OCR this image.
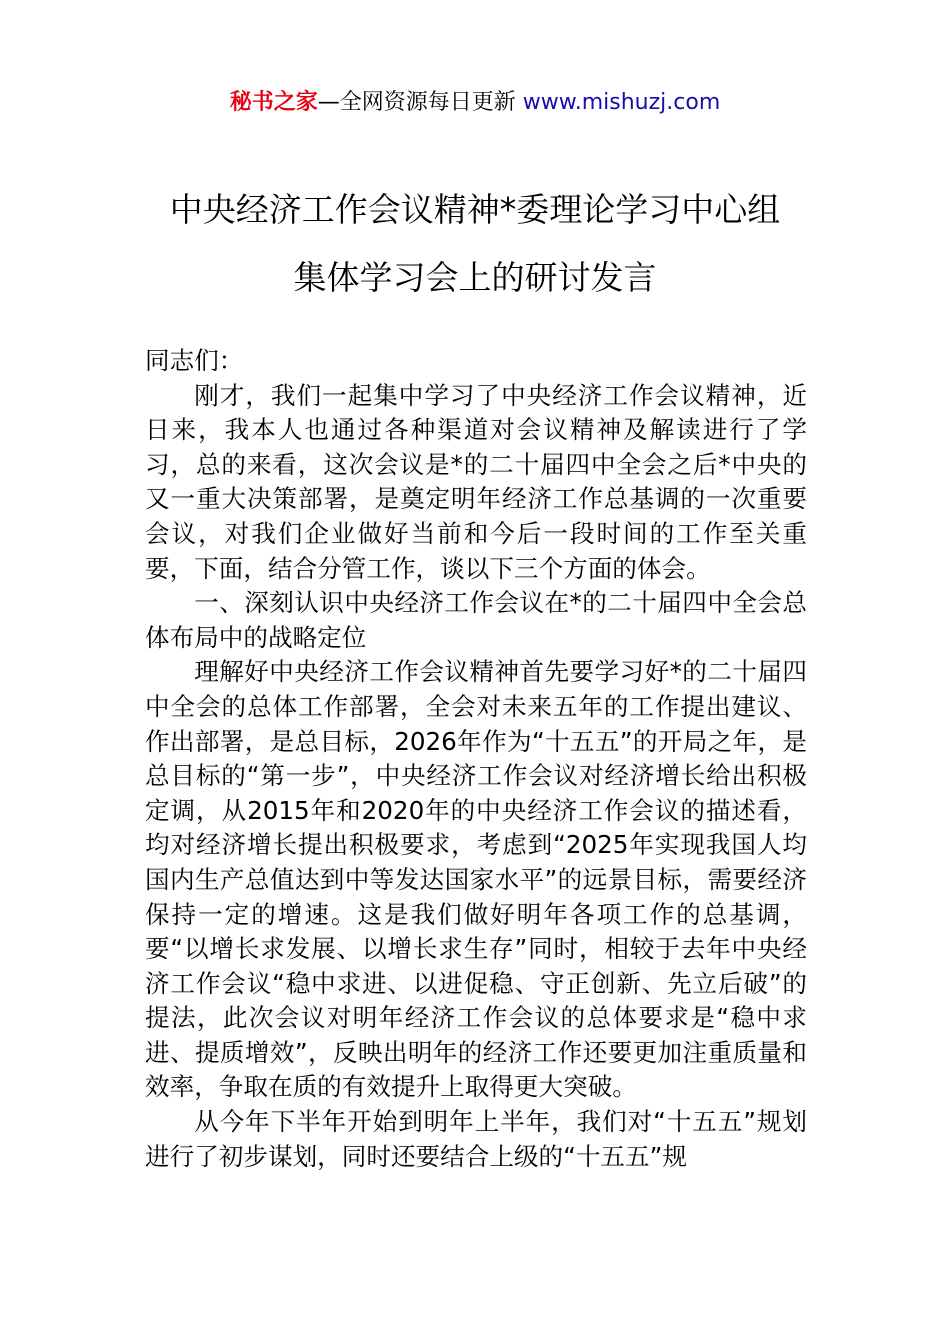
秘书之家—全网资源每日更新 www.mishuzj.com
中央经济工作会议精神*委理论学习中心组
集体学习会上的研讨发言

同志们：

刚才，我们一起集中学习了中央经济工作会议精神，近日来，我本人也通过各种渠道对会议精神及解读进行了学习，总的来看，这次会议是*的二十届四中全会之后*中央的又一重大决策部署，是奠定明年经济工作总基调的一次重要会议，对我们企业做好当前和今后一段时间的工作至关重要，下面，结合分管工作，谈以下三个方面的体会。

一、深刻认识中央经济工作会议在*的二十届四中全会总体布局中的战略定位

理解好中央经济工作会议精神首先要学习好*的二十届四中全会的总体工作部署，全会对未来五年的工作提出建议、作出部署，是总目标，2026年作为“十五五”的开局之年，是总目标的“第一步”，中央经济工作会议对经济增长给出积极定调，从2015年和2020年的中央经济工作会议的描述看，均对经济增长提出积极要求，考虑到“2025年实现我国人均国内生产总值达到中等发达国家水平”的远景目标，需要经济保持一定的增速。这是我们做好明年各项工作的总基调，要“以增长求发展、以增长求生存”同时，相较于去年中央经济工作会议“稳中求进、以进促稳、守正创新、先立后破”的提法，此次会议对明年经济工作会议的总体要求是“稳中求进、提质增效”，反映出明年的经济工作还要更加注重质量和效率，争取在质的有效提升上取得更大突破。

从今年下半年开始到明年上半年，我们对“十五五”规划进行了初步谋划，同时还要结合上级的“十五五”规
